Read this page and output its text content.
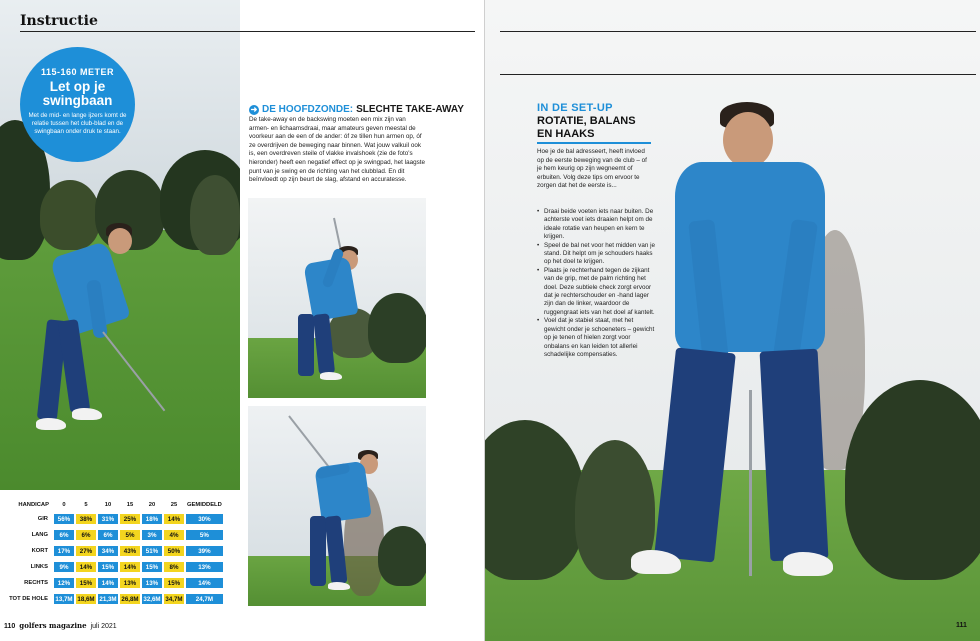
Instructie
115-160 METER
Let op je
swingbaan
Met de mid- en lange ijzers komt de relatie tussen het club-blad en de swingbaan onder druk te staan.
➜ DE HOOFDZONDE: SLECHTE TAKE-AWAY
De take-away en de backswing moeten een mix zijn van armen- en lichaamsdraai, maar amateurs geven meestal de voorkeur aan de een of de ander: óf ze tillen hun armen op, óf ze overdrijven de beweging naar binnen. Wat jouw valkuil ook is, een overdreven steile of vlakke invalshoek (zie de foto's hieronder) heeft een negatief effect op je swingpad, het laagste punt van je swing en de richting van het clubblad. En dit beïnvloedt op zijn beurt de slag, afstand en accuratesse.
HANDICAP	0	5	10	15	20	25	GEMIDDELD
GIR	56%	38%	31%	25%	18%	14%	30%
LANG	6%	6%	6%	5%	3%	4%	5%
KORT	17%	27%	34%	43%	51%	50%	39%
LINKS	9%	14%	15%	14%	15%	8%	13%
RECHTS	12%	15%	14%	13%	13%	15%	14%
TOT DE HOLE	13,7M	18,6M	21,3M	26,8M	32,6M	34,7M	24,7M
110 golfers magazine juli 2021
IN DE SET-UP
ROTATIE, BALANS EN HAAKS
Hoe je de bal adresseert, heeft invloed op de eerste beweging van de club – of je hem keurig op zijn wegneemt of erbuiten. Volg deze tips om ervoor te zorgen dat het de eerste is...
• Draai beide voeten iets naar buiten. De achterste voet iets draaien helpt om de ideale rotatie van heupen en kern te krijgen.
• Speel de bal net voor het midden van je stand. Dit helpt om je schouders haaks op het doel te krijgen.
• Plaats je rechterhand tegen de zijkant van de grip, met de palm richting het doel. Deze subtiele check zorgt ervoor dat je rechterschouder en -hand lager zijn dan de linker, waardoor de ruggengraat iets van het doel af kantelt.
• Voel dat je stabiel staat, met het gewicht onder je schoeneters – gewicht op je tenen of hielen zorgt voor onbalans en kan leiden tot allerlei schadelijke compensaties.
111
